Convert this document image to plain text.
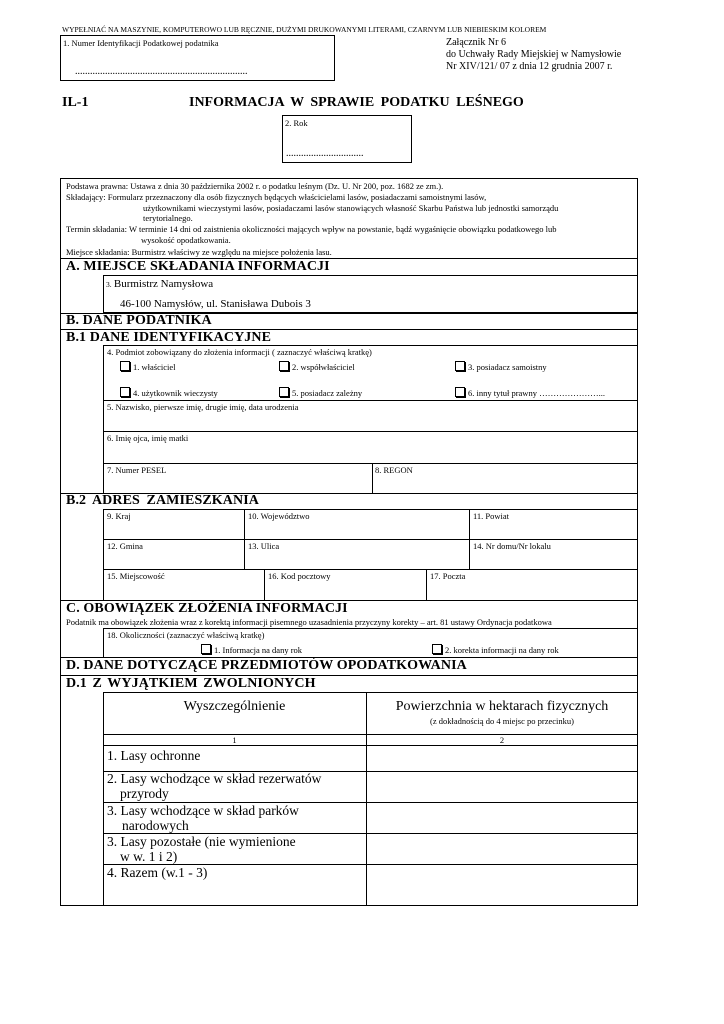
WYPEŁNIAĆ NA MASZYNIE, KOMPUTEROWO LUB RĘCZNIE, DUŻYMI DRUKOWANYMI LITERAMI, CZARNYM LUB NIEBIESKIM KOLOREM
1. Numer Identyfikacji Podatkowej podatnika
.....................................................................
Załącznik Nr 6
do Uchwały Rady Miejskiej w Namysłowie
Nr XIV/121/ 07 z dnia 12 grudnia 2007 r.
IL-1	INFORMACJA W SPRAWIE PODATKU LEŚNEGO
2. Rok
...............................
Podstawa prawna: Ustawa z dnia 30 października 2002 r. o podatku leśnym (Dz. U. Nr 200, poz. 1682 ze zm.).
Składający: Formularz przeznaczony dla osób fizycznych będących właścicielami lasów, posiadaczami samoistnymi lasów,
użytkownikami wieczystymi lasów, posiadaczami lasów stanowiących własność Skarbu Państwa lub jednostki samorządu
terytorialnego.
Termin składania: W terminie 14 dni od zaistnienia okoliczności mających wpływ na powstanie, bądź wygaśnięcie obowiązku podatkowego lub
wysokość opodatkowania.
Miejsce składania: Burmistrz właściwy ze względu na miejsce położenia lasu.
A. MIEJSCE SKŁADANIA INFORMACJI
3. Burmistrz Namysłowa
46-100 Namysłów, ul. Stanisława Dubois 3
B. DANE PODATNIKA
B.1 DANE IDENTYFIKACYJNE
4. Podmiot zobowiązany do złożenia informacji ( zaznaczyć właściwą kratkę)
1. właściciel	2. współwłaściciel	3. posiadacz samoistny
4. użytkownik wieczysty	5. posiadacz zależny	6. inny tytuł prawny …………………...
5. Nazwisko, pierwsze imię, drugie imię, data urodzenia
6. Imię ojca, imię matki
7. Numer PESEL	8. REGON
B.2 ADRES ZAMIESZKANIA
9. Kraj	10. Województwo	11. Powiat
12. Gmina	13. Ulica	14. Nr domu/Nr lokalu
15. Miejscowość	16. Kod pocztowy	17. Poczta
C. OBOWIĄZEK ZŁOŻENIA INFORMACJI
Podatnik ma obowiązek złożenia wraz z korektą informacji pisemnego uzasadnienia przyczyny korekty – art. 81 ustawy Ordynacja podatkowa
18. Okoliczności (zaznaczyć właściwą kratkę)
1. Informacja na dany rok	2. korekta informacji na dany rok
D. DANE DOTYCZĄCE PRZEDMIOTÓW OPODATKOWANIA
D.1 Z WYJĄTKIEM ZWOLNIONYCH
Wyszczególnienie	Powierzchnia w hektarach fizycznych
(z dokładnością do 4 miejsc po przecinku)
1	2
1. Lasy ochronne
2. Lasy wchodzące w skład rezerwatów
przyrody
3. Lasy wchodzące w skład parków
narodowych
3. Lasy pozostałe (nie wymienione
w w. 1 i 2)
4. Razem (w.1 - 3)
